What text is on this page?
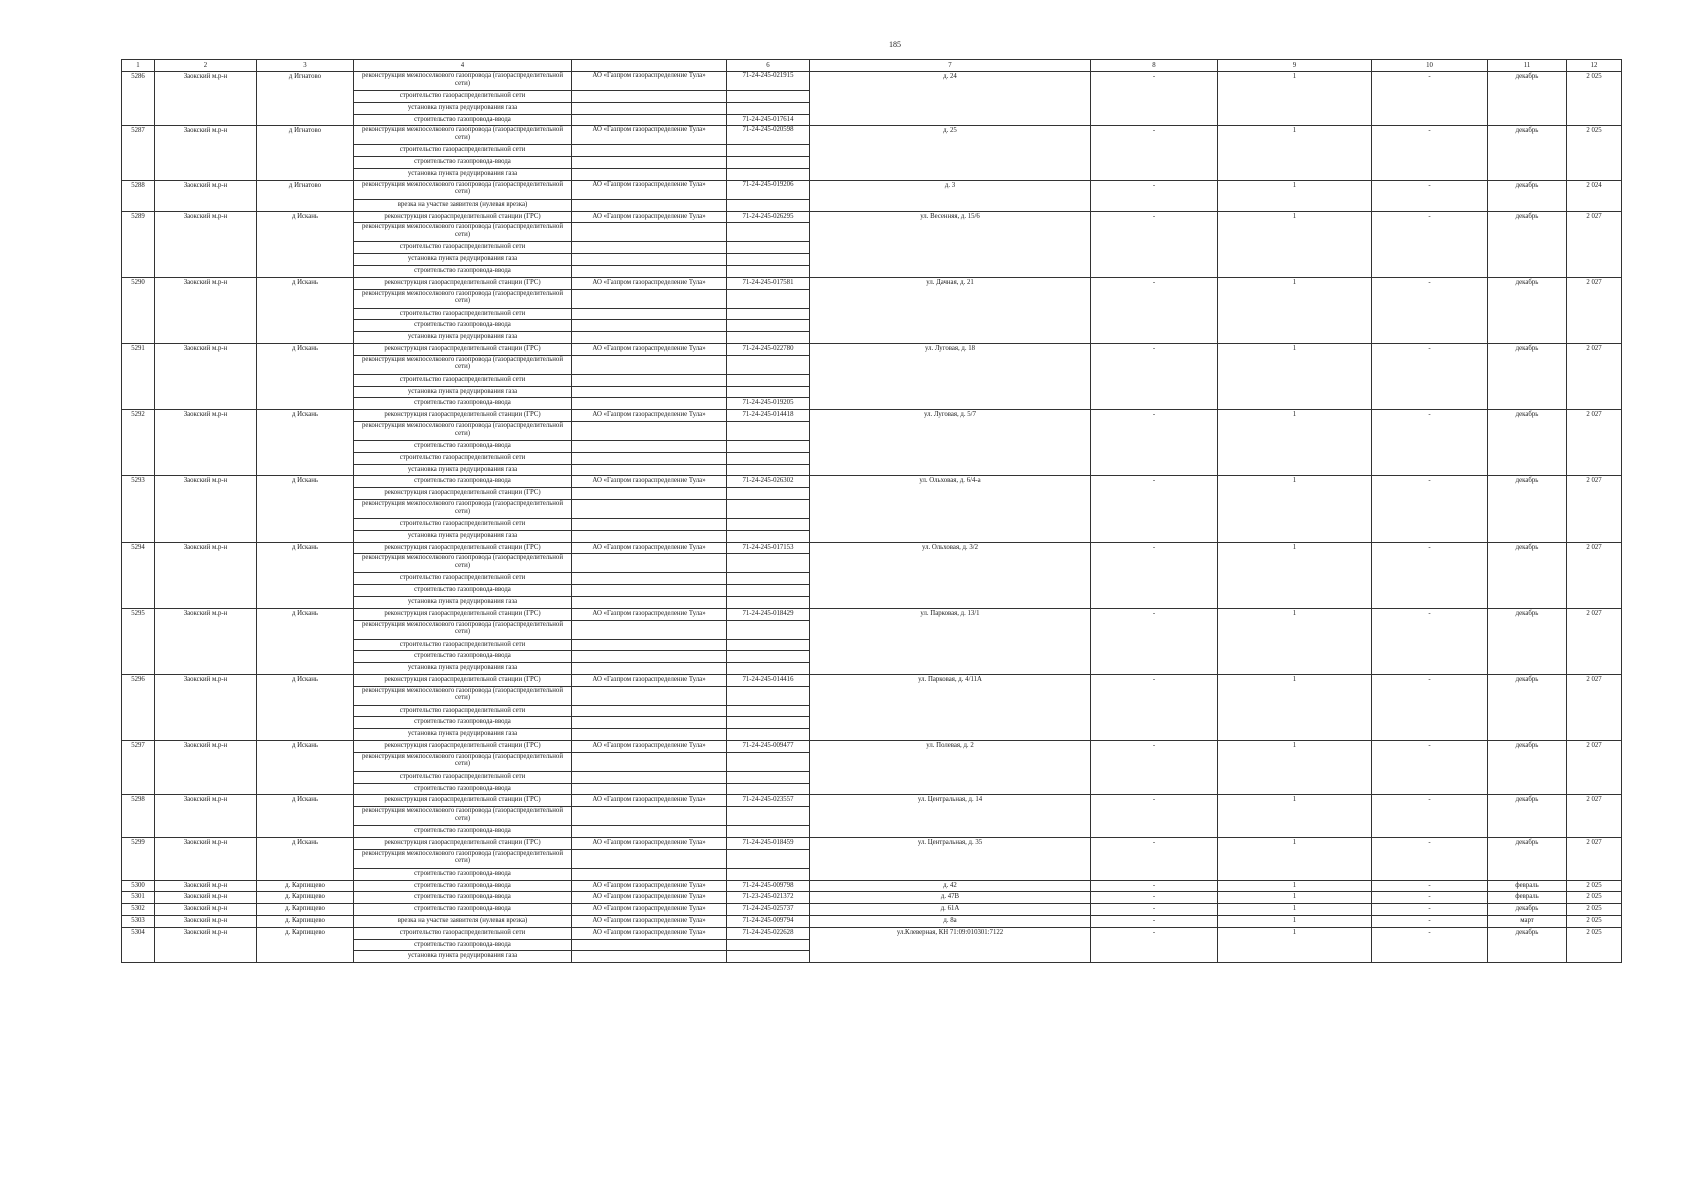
185
1	2	3	4		6	7	8	9	10	11	12
5286	Заокский м.р-н	д Игнатово	реконструкция межпоселкового газопровода (газораспределительной сети)	АО «Газпром газораспределение Тула»	71-24-245-021915	д. 24	-	1	-	декабрь	2 025
			строительство газораспределительной сети								
			установка пункта редуцирования газа								
			строительство газопровода-ввода		71-24-245-017614						
5287	Заокский м.р-н	д Игнатово	реконструкция межпоселкового газопровода (газораспределительной сети)	АО «Газпром газораспределение Тула»	71-24-245-020598	д. 25	-	1	-	декабрь	2 025
			строительство газораспределительной сети								
			строительство газопровода-ввода								
			установка пункта редуцирования газа								
5288	Заокский м.р-н	д Игнатово	реконструкция межпоселкового газопровода (газораспределительной сети)	АО «Газпром газораспределение Тула»	71-24-245-019206	д. 3	-	1	-	декабрь	2 024
			врезка на участке заявителя (нулевая врезка)								
5289	Заокский м.р-н	д Искань	реконструкция газораспределительной станции (ГРС)	АО «Газпром газораспределение Тула»	71-24-245-026295	ул. Весенняя, д. 15/6	-	1	-	декабрь	2 027
			реконструкция межпоселкового газопровода (газораспределительной сети)								
			строительство газораспределительной сети								
			установка пункта редуцирования газа								
			строительство газопровода-ввода								
5290	Заокский м.р-н	д Искань	реконструкция газораспределительной станции (ГРС)	АО «Газпром газораспределение Тула»	71-24-245-017581	ул. Дачная, д. 21	-	1	-	декабрь	2 027
			реконструкция межпоселкового газопровода (газораспределительной сети)								
			строительство газораспределительной сети								
			строительство газопровода-ввода								
			установка пункта редуцирования газа								
5291	Заокский м.р-н	д Искань	реконструкция газораспределительной станции (ГРС)	АО «Газпром газораспределение Тула»	71-24-245-022780	ул. Луговая, д. 18	-	1	-	декабрь	2 027
			реконструкция межпоселкового газопровода (газораспределительной сети)								
			строительство газораспределительной сети								
			установка пункта редуцирования газа								
			строительство газопровода-ввода		71-24-245-019205						
5292	Заокский м.р-н	д Искань	реконструкция газораспределительной станции (ГРС)	АО «Газпром газораспределение Тула»	71-24-245-014418	ул. Луговая, д. 5/7	-	1	-	декабрь	2 027
			реконструкция межпоселкового газопровода (газораспределительной сети)								
			строительство газопровода-ввода								
			строительство газораспределительной сети								
			установка пункта редуцирования газа								
5293	Заокский м.р-н	д Искань	строительство газопровода-ввода	АО «Газпром газораспределение Тула»	71-24-245-026302	ул. Ольховая, д. 6/4-а	-	1	-	декабрь	2 027
			реконструкция газораспределительной станции (ГРС)								
			реконструкция межпоселкового газопровода (газораспределительной сети)								
			строительство газораспределительной сети								
			установка пункта редуцирования газа								
5294	Заокский м.р-н	д Искань	реконструкция газораспределительной станции (ГРС)	АО «Газпром газораспределение Тула»	71-24-245-017153	ул. Ольховая, д. 3/2	-	1	-	декабрь	2 027
			реконструкция межпоселкового газопровода (газораспределительной сети)								
			строительство газораспределительной сети								
			строительство газопровода-ввода								
			установка пункта редуцирования газа								
5295	Заокский м.р-н	д Искань	реконструкция газораспределительной станции (ГРС)	АО «Газпром газораспределение Тула»	71-24-245-018429	ул. Парковая, д. 13/1	-	1	-	декабрь	2 027
			реконструкция межпоселкового газопровода (газораспределительной сети)								
			строительство газораспределительной сети								
			строительство газопровода-ввода								
			установка пункта редуцирования газа								
5296	Заокский м.р-н	д Искань	реконструкция газораспределительной станции (ГРС)	АО «Газпром газораспределение Тула»	71-24-245-014416	ул. Парковая, д. 4/11А	-	1	-	декабрь	2 027
			реконструкция межпоселкового газопровода (газораспределительной сети)								
			строительство газораспределительной сети								
			строительство газопровода-ввода								
			установка пункта редуцирования газа								
5297	Заокский м.р-н	д Искань	реконструкция газораспределительной станции (ГРС)	АО «Газпром газораспределение Тула»	71-24-245-009477	ул. Полевая, д. 2	-	1	-	декабрь	2 027
			реконструкция межпоселкового газопровода (газораспределительной сети)								
			строительство газораспределительной сети								
			строительство газопровода-ввода								
5298	Заокский м.р-н	д Искань	реконструкция газораспределительной станции (ГРС)	АО «Газпром газораспределение Тула»	71-24-245-023557	ул. Центральная, д. 14	-	1	-	декабрь	2 027
			реконструкция межпоселкового газопровода (газораспределительной сети)								
			строительство газопровода-ввода								
5299	Заокский м.р-н	д Искань	реконструкция газораспределительной станции (ГРС)	АО «Газпром газораспределение Тула»	71-24-245-018459	ул. Центральная, д. 35	-	1	-	декабрь	2 027
			реконструкция межпоселкового газопровода (газораспределительной сети)								
			строительство газопровода-ввода								
5300	Заокский м.р-н	д. Карпищево	строительство газопровода-ввода	АО «Газпром газораспределение Тула»	71-24-245-009798	д. 42	-	1	-	февраль	2 025
5301	Заокский м.р-н	д. Карпищево	строительство газопровода-ввода	АО «Газпром газораспределение Тула»	71-23-245-021372	д. 47В	-	1	-	февраль	2 025
5302	Заокский м.р-н	д. Карпищево	строительство газопровода-ввода	АО «Газпром газораспределение Тула»	71-24-245-025737	д. 61А	-	1	-	декабрь	2 025
5303	Заокский м.р-н	д. Карпищево	врезка на участке заявителя (нулевая врезка)	АО «Газпром газораспределение Тула»	71-24-245-009794	д. 8а	-	1	-	март	2 025
5304	Заокский м.р-н	д. Карпищево	строительство газораспределительной сети	АО «Газпром газораспределение Тула»	71-24-245-022628	ул.Клеверная, КН 71:09:010301:7122	-	1	-	декабрь	2 025
			строительство газопровода-ввода								
			установка пункта редуцирования газа								
